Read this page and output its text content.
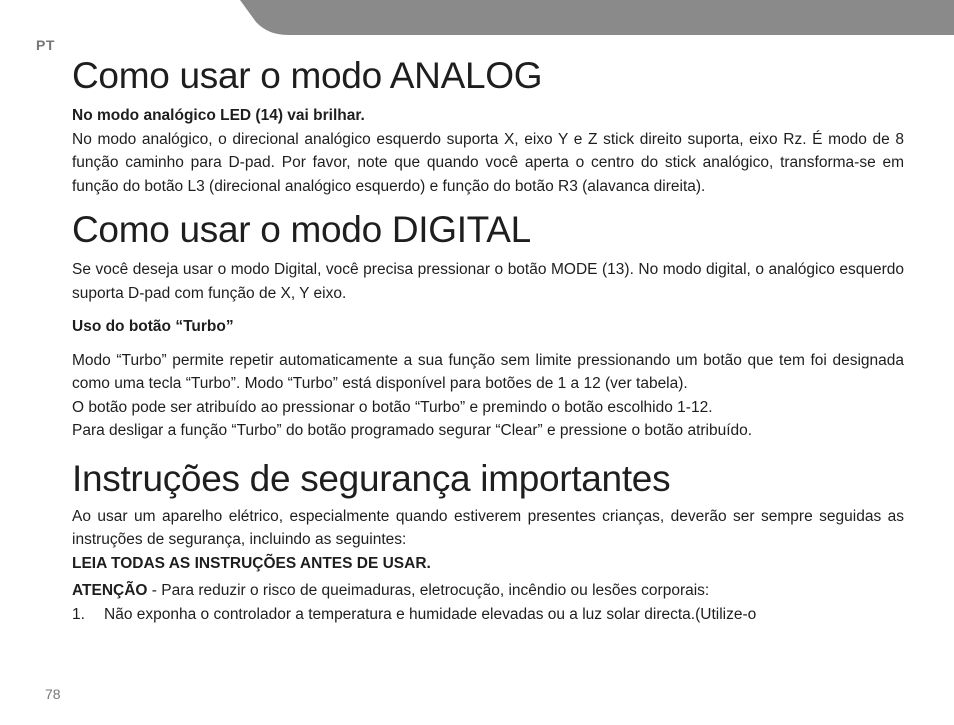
PT
Como usar o modo ANALOG

No modo analógico LED (14) vai brilhar.

No modo analógico, o direcional analógico esquerdo suporta X, eixo Y e Z stick direito suporta, eixo Rz. É modo de 8 função caminho para D-pad. Por favor, note que quando você aperta o centro do stick analógico, transforma-se em função do botão L3 (direcional analógico esquerdo) e função do botão R3 (alavanca direita).

Como usar o modo DIGITAL

Se você deseja usar o modo Digital, você precisa pressionar o botão MODE (13). No modo digital, o analógico esquerdo suporta D-pad com função de X, Y eixo.

Uso do botão “Turbo”

Modo “Turbo” permite repetir automaticamente a sua função sem limite pressionando um botão que tem foi designada como uma tecla “Turbo”. Modo “Turbo” está disponível para botões de 1 a 12 (ver tabela).

O botão pode ser atribuído ao pressionar o botão “Turbo” e premindo o botão escolhido 1-12.

Para desligar a função “Turbo” do botão programado segurar “Clear” e pressione o botão atribuído.

Instruções de segurança importantes

Ao usar um aparelho elétrico, especialmente quando estiverem presentes crianças, deverão ser sempre seguidas as instruções de segurança, incluindo as seguintes:

LEIA TODAS AS INSTRUÇÕES ANTES DE USAR.

ATENÇÃO - Para reduzir o risco de queimaduras, eletrocução, incêndio ou lesões corporais:

1.	Não exponha o controlador a temperatura e humidade elevadas ou a luz solar directa.(Utilize-o
78
